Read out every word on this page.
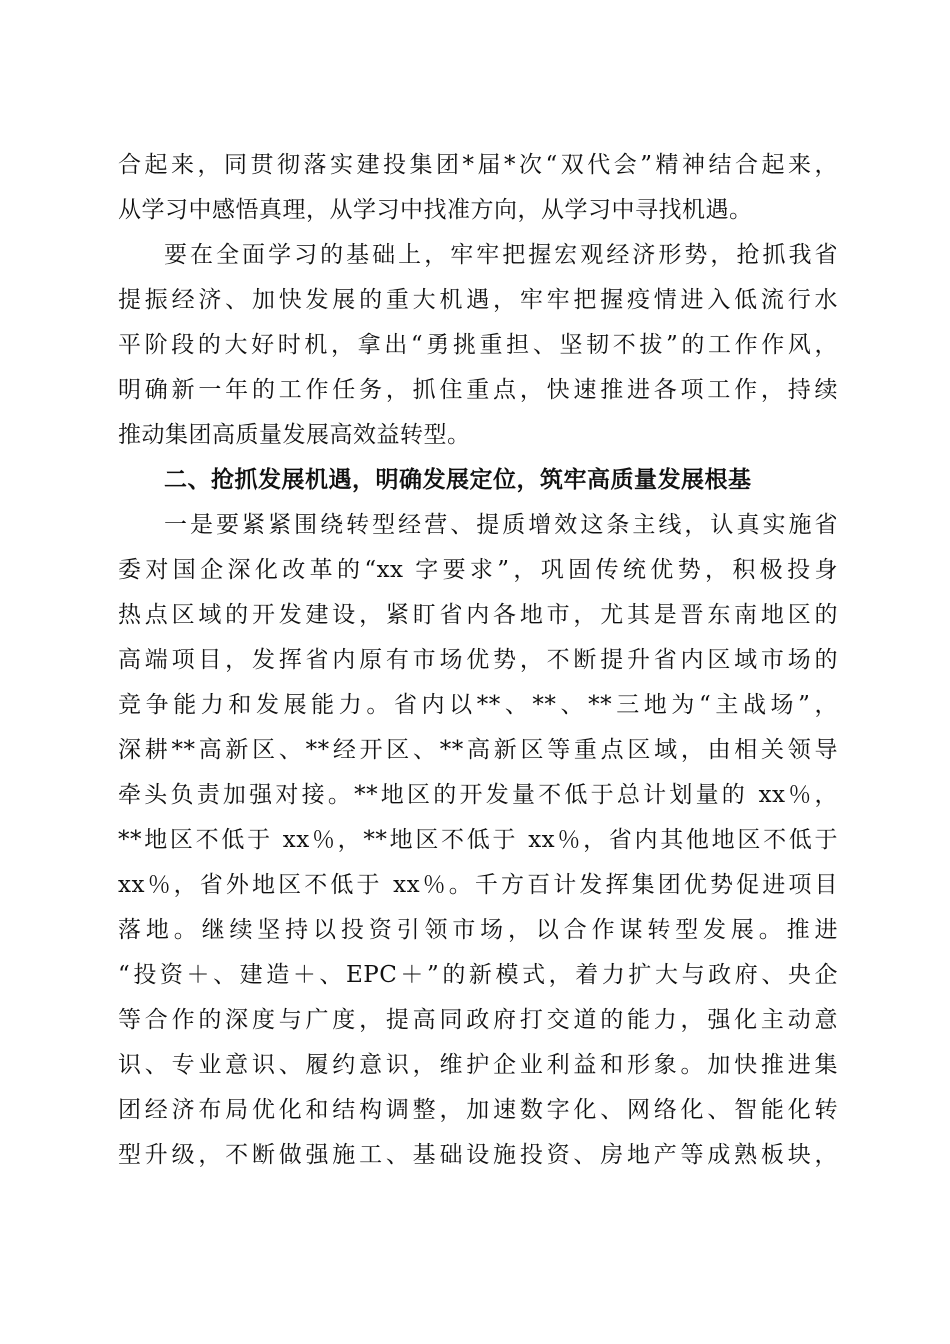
合起来，同贯彻落实建投集团*届*次“双代会”精神结合起来，
从学习中感悟真理，从学习中找准方向，从学习中寻找机遇。
要在全面学习的基础上，牢牢把握宏观经济形势，抢抓我省
提振经济、加快发展的重大机遇，牢牢把握疫情进入低流行水
平阶段的大好时机，拿出“勇挑重担、坚韧不拔”的工作作风，
明确新一年的工作任务，抓住重点，快速推进各项工作，持续
推动集团高质量发展高效益转型。
二、抢抓发展机遇，明确发展定位，筑牢高质量发展根基
一是要紧紧围绕转型经营、提质增效这条主线，认真实施省
委对国企深化改革的“xx 字要求”，巩固传统优势，积极投身
热点区域的开发建设，紧盯省内各地市，尤其是晋东南地区的
高端项目，发挥省内原有市场优势，不断提升省内区域市场的
竞争能力和发展能力。省内以**、**、**三地为“主战场”，
深耕**高新区、**经开区、**高新区等重点区域，由相关领导
牵头负责加强对接。**地区的开发量不低于总计划量的 xx％，
**地区不低于 xx％，**地区不低于 xx％，省内其他地区不低于
xx％，省外地区不低于 xx％。千方百计发挥集团优势促进项目
落地。继续坚持以投资引领市场，以合作谋转型发展。推进
“投资＋、建造＋、EPC＋”的新模式，着力扩大与政府、央企
等合作的深度与广度，提高同政府打交道的能力，强化主动意
识、专业意识、履约意识，维护企业利益和形象。加快推进集
团经济布局优化和结构调整，加速数字化、网络化、智能化转
型升级，不断做强施工、基础设施投资、房地产等成熟板块，
